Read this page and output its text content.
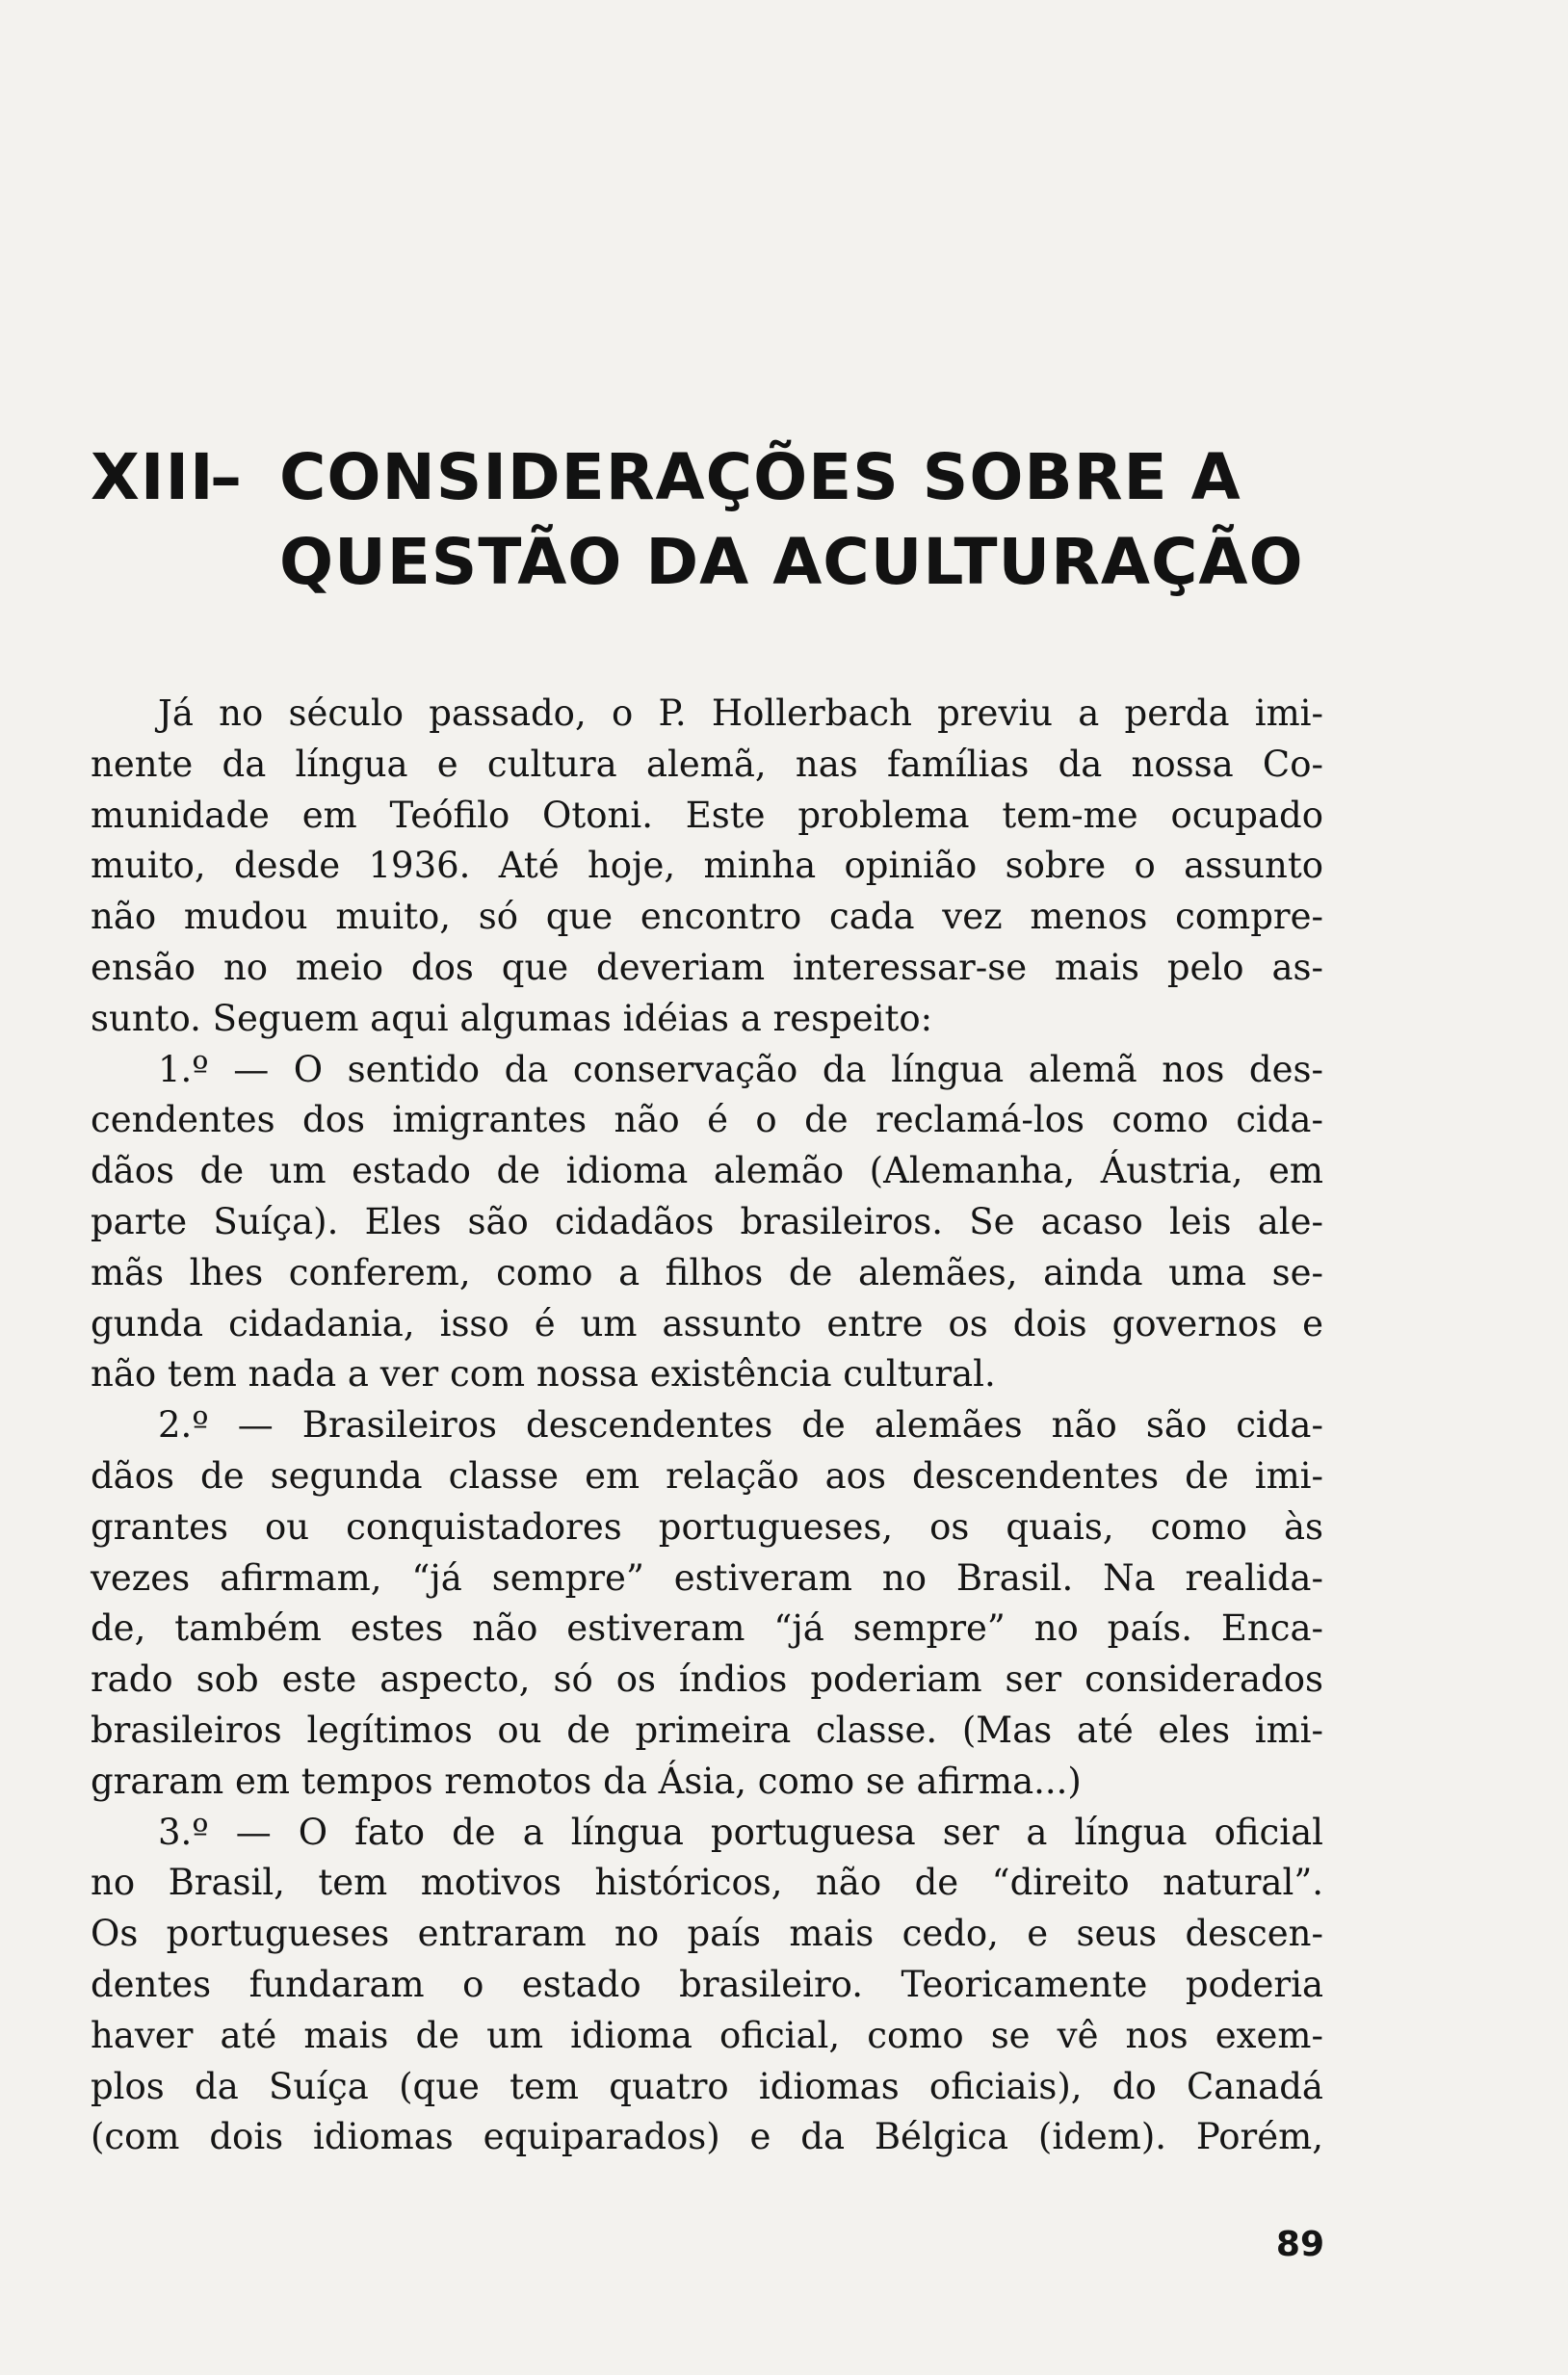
XIII
– CONSIDERAÇÕES SOBRE A
QUESTÃO DA ACULTURAÇÃO
Já no século passado, o P. Hollerbach previu a perda imi-
nente da língua e cultura alemã, nas famílias da nossa Co-
munidade em Teófilo Otoni. Este problema tem-me ocupado
muito, desde 1936. Até hoje, minha opinião sobre o assunto
não mudou muito, só que encontro cada vez menos compre-
ensão no meio dos que deveriam interessar-se mais pelo as-
sunto. Seguem aqui algumas idéias a respeito:
1.º — O sentido da conservação da língua alemã nos des-
cendentes dos imigrantes não é o de reclamá-los como cida-
dãos de um estado de idioma alemão (Alemanha, Áustria, em
parte Suíça). Eles são cidadãos brasileiros. Se acaso leis ale-
mãs lhes conferem, como a filhos de alemães, ainda uma se-
gunda cidadania, isso é um assunto entre os dois governos e
não tem nada a ver com nossa existência cultural.
2.º — Brasileiros descendentes de alemães não são cida-
dãos de segunda classe em relação aos descendentes de imi-
grantes ou conquistadores portugueses, os quais, como às
vezes afirmam, “já sempre” estiveram no Brasil. Na realida-
de, também estes não estiveram “já sempre” no país. Enca-
rado sob este aspecto, só os índios poderiam ser considerados
brasileiros legítimos ou de primeira classe. (Mas até eles imi-
graram em tempos remotos da Ásia, como se afirma...)
3.º — O fato de a língua portuguesa ser a língua oficial
no Brasil, tem motivos históricos, não de “direito natural”.
Os portugueses entraram no país mais cedo, e seus descen-
dentes fundaram o estado brasileiro. Teoricamente poderia
haver até mais de um idioma oficial, como se vê nos exem-
plos da Suíça (que tem quatro idiomas oficiais), do Canadá
(com dois idiomas equiparados) e da Bélgica (idem). Porém,
89
